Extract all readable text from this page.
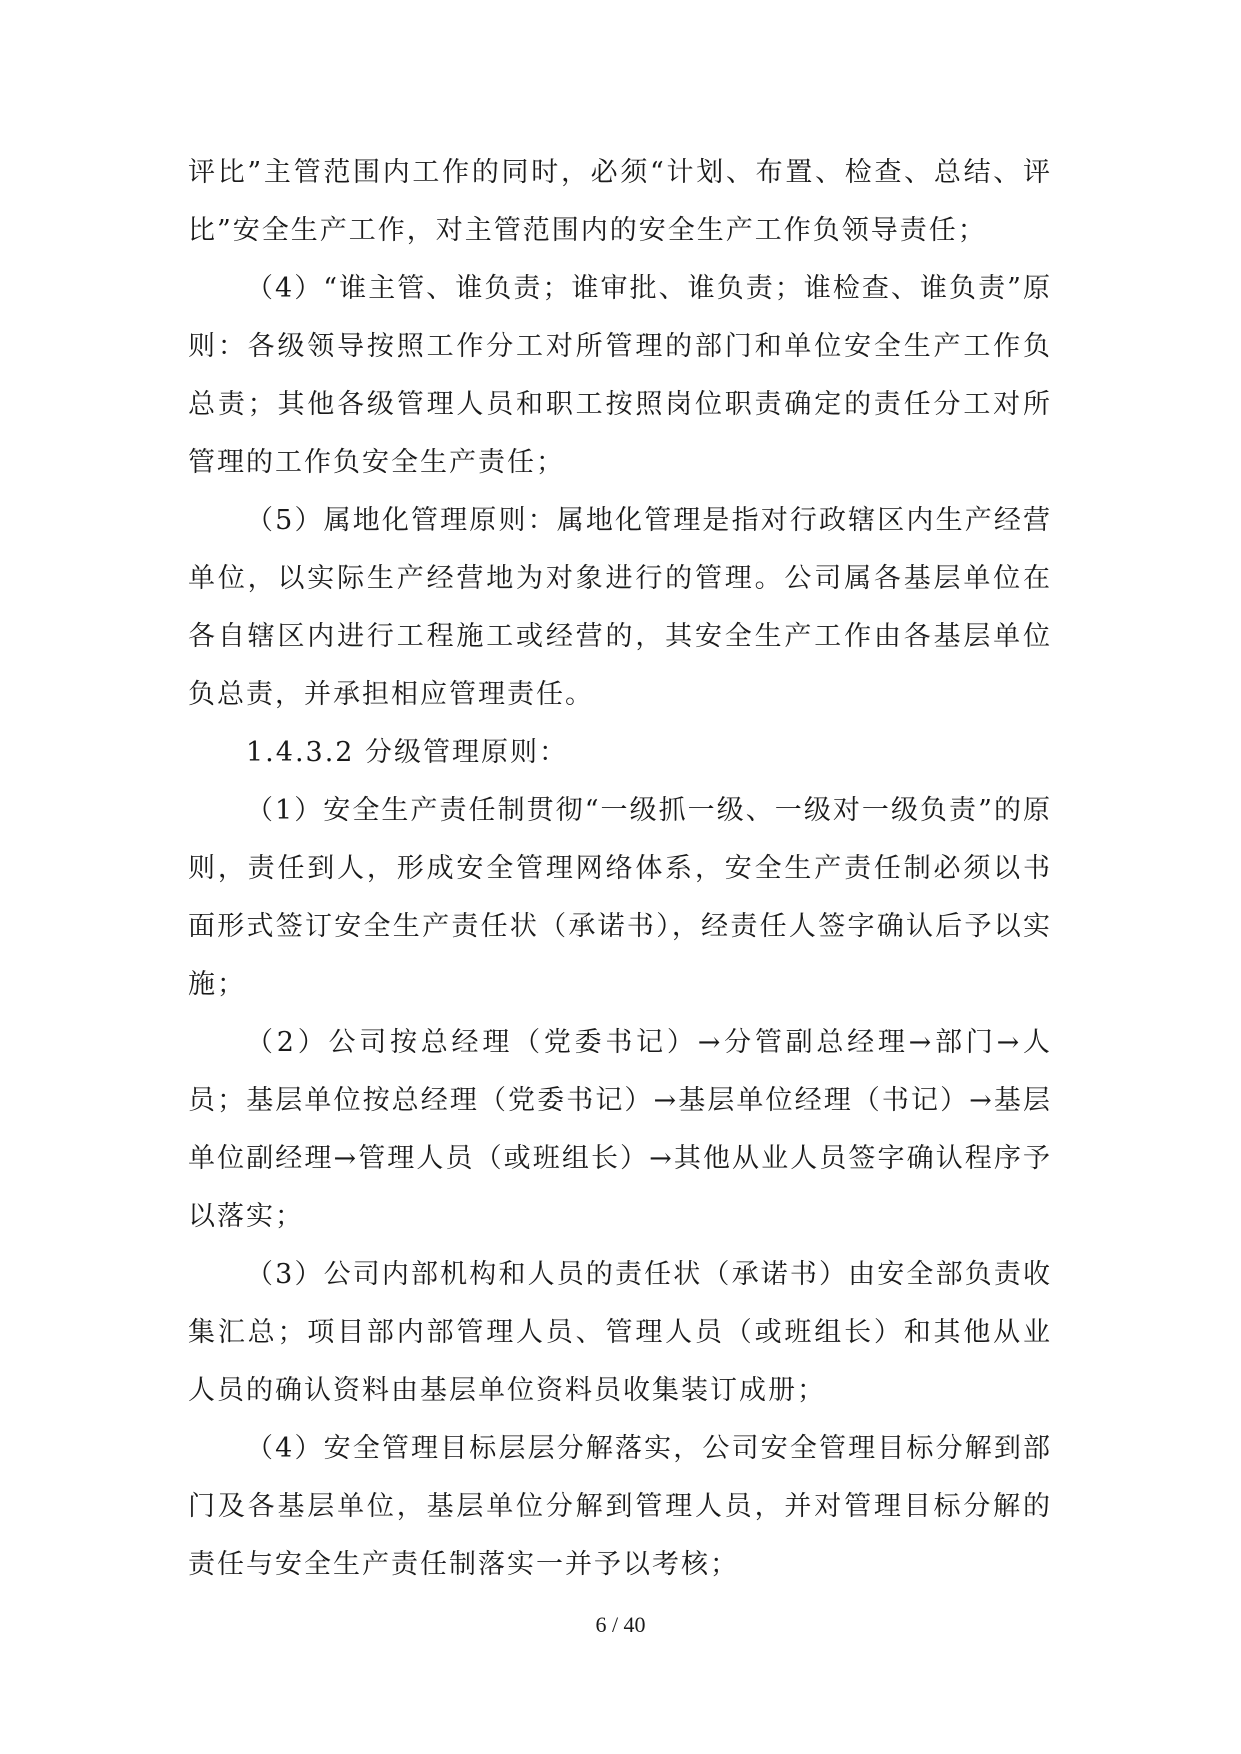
评比”主管范围内工作的同时，必须“计划、布置、检查、总结、评比”安全生产工作，对主管范围内的安全生产工作负领导责任；

（4）“谁主管、谁负责；谁审批、谁负责；谁检查、谁负责”原则：各级领导按照工作分工对所管理的部门和单位安全生产工作负总责；其他各级管理人员和职工按照岗位职责确定的责任分工对所管理的工作负安全生产责任；

（5）属地化管理原则：属地化管理是指对行政辖区内生产经营单位，以实际生产经营地为对象进行的管理。公司属各基层单位在各自辖区内进行工程施工或经营的，其安全生产工作由各基层单位负总责，并承担相应管理责任。

1.4.3.2 分级管理原则：

（1）安全生产责任制贯彻“一级抓一级、一级对一级负责”的原则，责任到人，形成安全管理网络体系，安全生产责任制必须以书面形式签订安全生产责任状（承诺书），经责任人签字确认后予以实施；

（2）公司按总经理（党委书记）→分管副总经理→部门→人员；基层单位按总经理（党委书记）→基层单位经理（书记）→基层单位副经理→管理人员（或班组长）→其他从业人员签字确认程序予以落实；

（3）公司内部机构和人员的责任状（承诺书）由安全部负责收集汇总；项目部内部管理人员、管理人员（或班组长）和其他从业人员的确认资料由基层单位资料员收集装订成册；

（4）安全管理目标层层分解落实，公司安全管理目标分解到部门及各基层单位，基层单位分解到管理人员，并对管理目标分解的责任与安全生产责任制落实一并予以考核；

6 / 40
